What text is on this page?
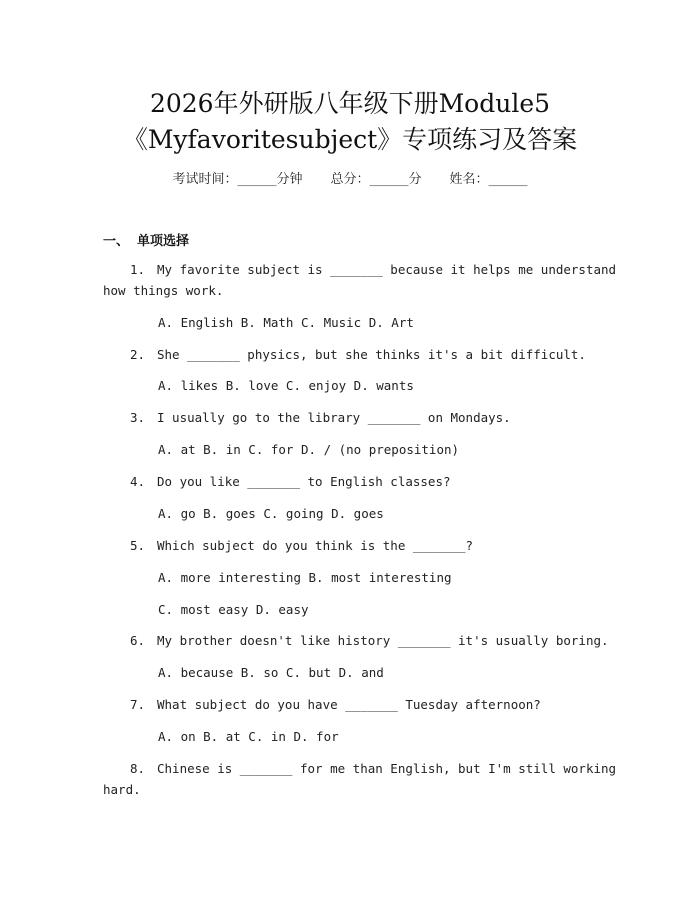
2026年外研版八年级下册Module5
《Myfavoritesubject》专项练习及答案
考试时间：______分钟 总分：______分 姓名：______
一、 单项选择
1. My favorite subject is _______ because it helps me understand
how things work.
A. English B. Math C. Music D. Art
2. She _______ physics, but she thinks it's a bit difficult.
A. likes B. love C. enjoy D. wants
3. I usually go to the library _______ on Mondays.
A. at B. in C. for D. / (no preposition)
4. Do you like _______ to English classes?
A. go B. goes C. going D. goes
5. Which subject do you think is the _______?
A. more interesting B. most interesting
C. most easy D. easy
6. My brother doesn't like history _______ it's usually boring.
A. because B. so C. but D. and
7. What subject do you have _______ Tuesday afternoon?
A. on B. at C. in D. for
8. Chinese is _______ for me than English, but I'm still working
hard.
